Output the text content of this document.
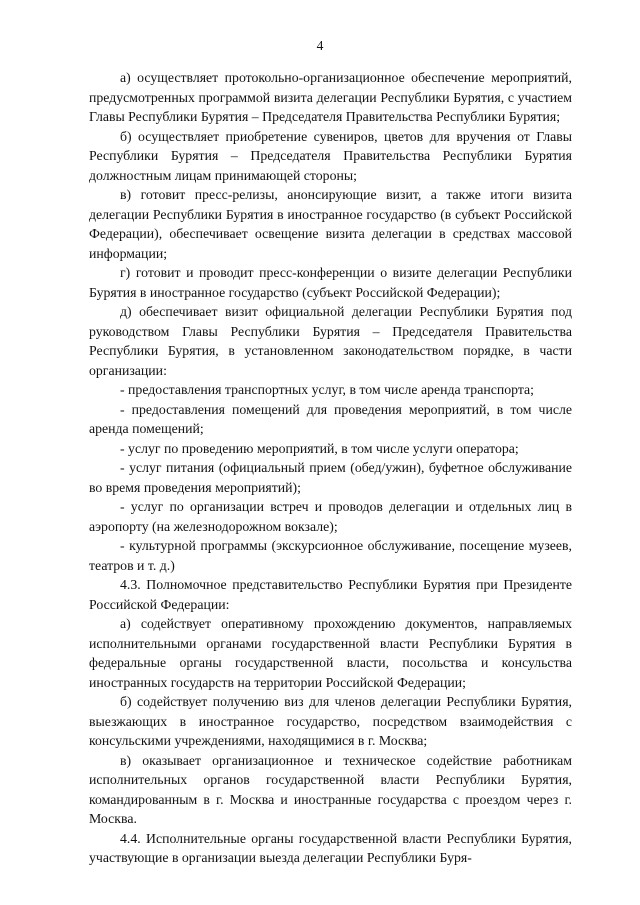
4

а) осуществляет протокольно-организационное обеспечение мероприятий, предусмотренных программой визита делегации Республики Бурятия, с участием Главы Республики Бурятия – Председателя Правительства Республики Бурятия;

б) осуществляет приобретение сувениров, цветов для вручения от Главы Республики Бурятия – Председателя Правительства Республики Бурятия должностным лицам принимающей стороны;

в) готовит пресс-релизы, анонсирующие визит, а также итоги визита делегации Республики Бурятия в иностранное государство (в субъект Российской Федерации), обеспечивает освещение визита делегации в средствах массовой информации;

г) готовит и проводит пресс-конференции о визите делегации Республики Бурятия в иностранное государство (субъект Российской Федерации);

д) обеспечивает визит официальной делегации Республики Бурятия под руководством Главы Республики Бурятия – Председателя Правительства Республики Бурятия, в установленном законодательством порядке, в части организации:

- предоставления транспортных услуг, в том числе аренда транспорта;

- предоставления помещений для проведения мероприятий, в том числе аренда помещений;

- услуг по проведению мероприятий, в том числе услуги оператора;

- услуг питания (официальный прием (обед/ужин), буфетное обслуживание во время проведения мероприятий);

- услуг по организации встреч и проводов делегации и отдельных лиц в аэропорту (на железнодорожном вокзале);

- культурной программы (экскурсионное обслуживание, посещение музеев, театров и т. д.)

4.3. Полномочное представительство Республики Бурятия при Президенте Российской Федерации:

а) содействует оперативному прохождению документов, направляемых исполнительными органами государственной власти Республики Бурятия в федеральные органы государственной власти, посольства и консульства иностранных государств на территории Российской Федерации;

б) содействует получению виз для членов делегации Республики Бурятия, выезжающих в иностранное государство, посредством взаимодействия с консульскими учреждениями, находящимися в г. Москва;

в) оказывает организационное и техническое содействие работникам исполнительных органов государственной власти Республики Бурятия, командированным в г. Москва и иностранные государства с проездом через г. Москва.

4.4. Исполнительные органы государственной власти Республики Бурятия, участвующие в организации выезда делегации Республики Буря-
